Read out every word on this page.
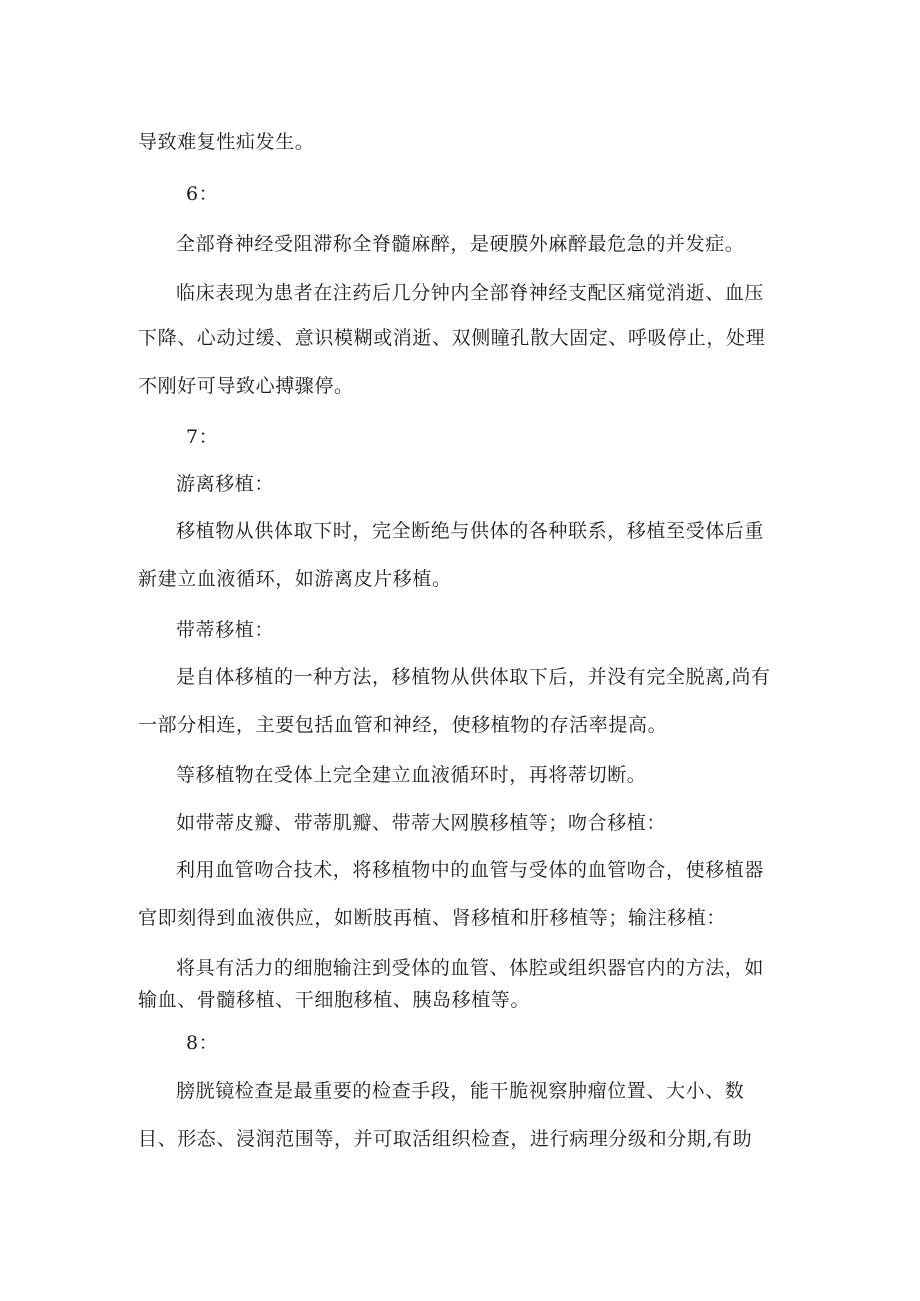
导致难复性疝发生。
6：
全部脊神经受阻滞称全脊髓麻醉，是硬膜外麻醉最危急的并发症。
临床表现为患者在注药后几分钟内全部脊神经支配区痛觉消逝、血压
下降、心动过缓、意识模糊或消逝、双侧瞳孔散大固定、呼吸停止，处理
不刚好可导致心搏骤停。
7：
游离移植：
移植物从供体取下时，完全断绝与供体的各种联系，移植至受体后重
新建立血液循环，如游离皮片移植。
带蒂移植：
是自体移植的一种方法，移植物从供体取下后，并没有完全脱离,尚有
一部分相连，主要包括血管和神经，使移植物的存活率提高。
等移植物在受体上完全建立血液循环时，再将蒂切断。
如带蒂皮瓣、带蒂肌瓣、带蒂大网膜移植等；吻合移植：
利用血管吻合技术，将移植物中的血管与受体的血管吻合，使移植器
官即刻得到血液供应，如断肢再植、肾移植和肝移植等；输注移植：
将具有活力的细胞输注到受体的血管、体腔或组织器官内的方法，如
输血、骨髓移植、干细胞移植、胰岛移植等。
8：
膀胱镜检查是最重要的检查手段，能干脆视察肿瘤位置、大小、数
目、形态、浸润范围等，并可取活组织检查，进行病理分级和分期,有助
